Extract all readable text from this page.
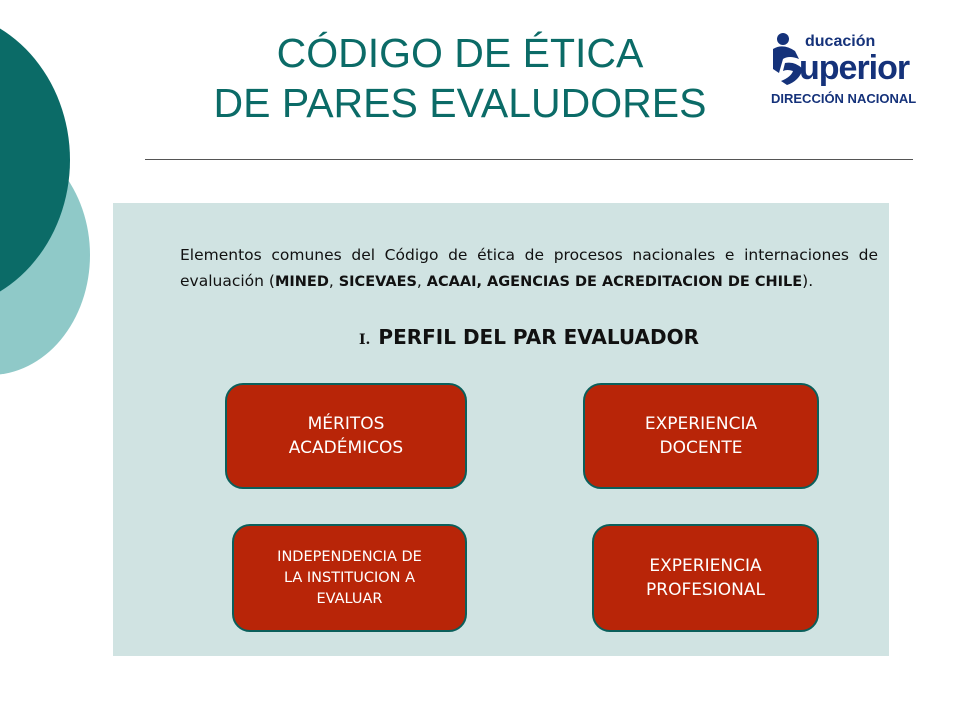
CÓDIGO DE ÉTICA
DE PARES EVALUDORES
ducación
uperior
DIRECCIÓN NACIONAL

Elementos comunes del Código de ética de procesos nacionales e internaciones de evaluación (MINED, SICEVAES, ACAAI, AGENCIAS DE ACREDITACION DE CHILE).

I. PERFIL DEL PAR EVALUADOR
MÉRITOS
ACADÉMICOS
EXPERIENCIA
DOCENTE
INDEPENDENCIA DE
LA INSTITUCION A
EVALUAR
EXPERIENCIA
PROFESIONAL
